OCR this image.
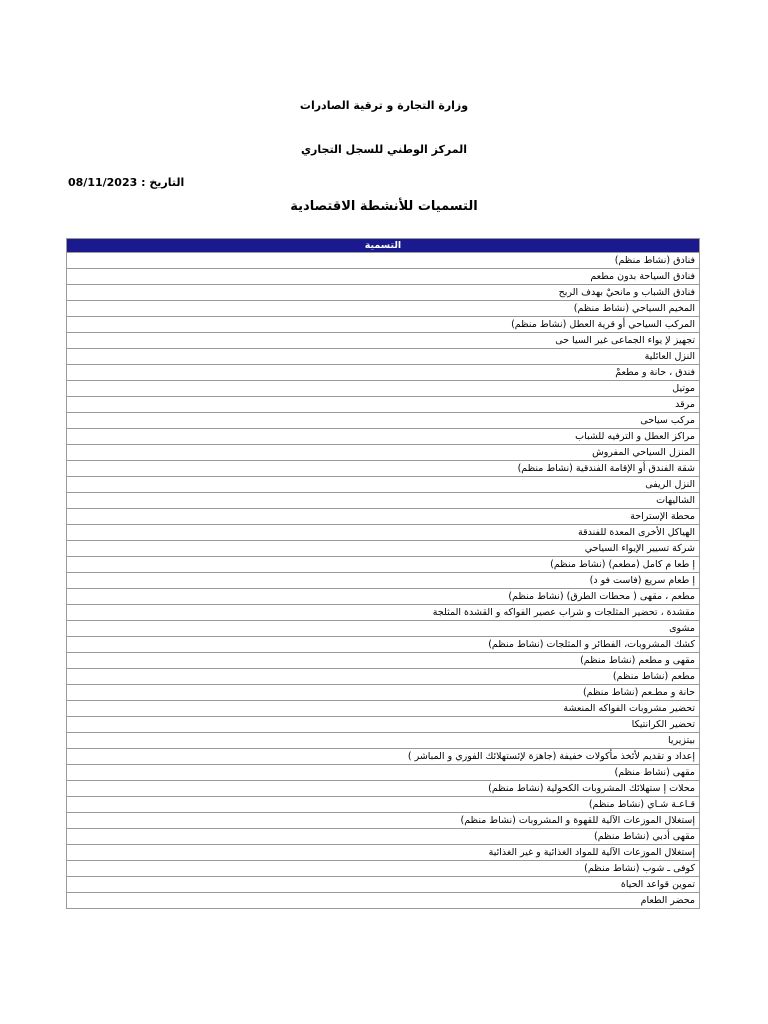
وزارة التجارة و ترقية الصادرات
المركز الوطني للسجل التجاري
التاريخ : 08/11/2023
التسميات للأنشطة الاقتصادية
التسمية
فنادق (نشاط منظم)
فنادق السياحة بدون مطعم
فنادق الشباب و مانحيْ بهدف الربح
المخيم السياحي (نشاط منظم)
المركب السياحي أو قرية العطل (نشاط منظم)
تجهيز لإ يواء الجماعى غير السيا حى
النزل العائلية
فندق ، حانة و مطعمْ
موتيل
مرقد
مركب سياحى
مراكز العطل و الترفيه للشباب
المنزل السياحي المفروش
شقة الفندق أو الإقامة الفندقية (نشاط منظم)
النزل الريفى
الشاليهات
محطة الإستراحة
الهياكل الأخرى المعدة للفندقة
شركة تسيير الإيواء السياحي
إ طعا م كامل (مطعم) (نشاط منظم)
إ طعام سريع (فاست فو د)
مطعم ، مقهى ( محطات الطرق) (نشاط منظم)
مقشدة ، تحضير المثلجات و شراب عصير الفواكه و القشدة المثلجة
مشوى
كشك المشروبات، الفطائر و المثلجات (نشاط منظم)
مقهى و مطعم (نشاط منظم)
مطعم (نشاط منظم)
حانة و مطـعم (نشاط منظم)
تحضير مشروبات الفواكه المنعشة
تحضير الكرانتيكا
بيتزيريا
إعداد و تقديم لأئخذ مأكولات خفيفة (جاهزة لإئستهلائك الفوري و المباشر )
مقهى (نشاط منظم)
محلات إ ستهلائك المشروبات الكحولية (نشاط منظم)
قـاعـة شـاي (نشاط منظم)
إستغلال الموزعات الآلية للقهوة و المشروبات (نشاط منظم)
مقهى أدبي (نشاط منظم)
إستغلال الموزعات الآلية للمواد الغذائية و غير الغذائية
كوفى ـ شوب (نشاط منظم)
تموين قواعد الحياة
محضر الطعام
